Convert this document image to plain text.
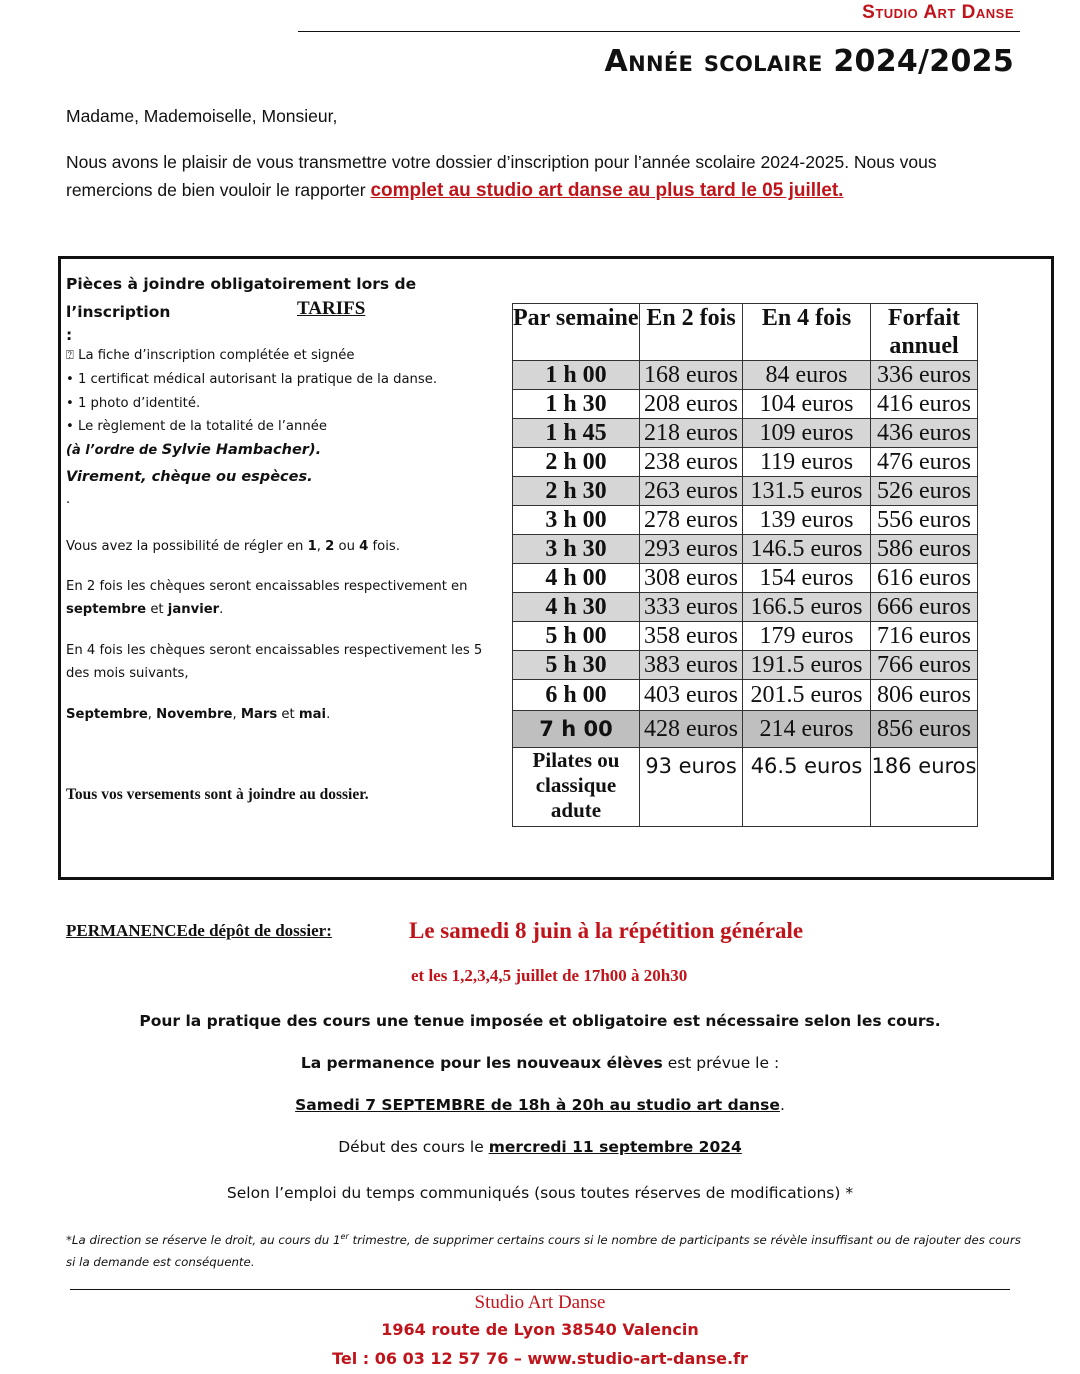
Studio Art Danse
Année scolaire 2024/2025
Madame, Mademoiselle, Monsieur,
Nous avons le plaisir de vous transmettre votre dossier d’inscription pour l’année scolaire 2024-2025. Nous vous remercions de bien vouloir le rapporter complet au studio art danse au plus tard le 05 juillet.
Pièces à joindre obligatoirement lors de l’inscription
:
TARIFS
⍰ La fiche d’inscription complétée et signée
• 1 certificat médical autorisant la pratique de la danse.
• 1 photo d’identité.
• Le règlement de la totalité de l’année
(à l’ordre de Sylvie Hambacher).
Virement, chèque ou espèces.
.
Vous avez la possibilité de régler en 1, 2 ou 4 fois.
En 2 fois les chèques seront encaissables respectivement en septembre et janvier.
En 4 fois les chèques seront encaissables respectivement les 5 des mois suivants,
Septembre, Novembre, Mars et mai.
Tous vos versements sont à joindre au dossier.
Par semaine	En 2 fois	En 4 fois	Forfait annuel
1 h 00	168 euros	84 euros	336 euros
1 h 30	208 euros	104 euros	416 euros
1 h 45	218 euros	109 euros	436 euros
2 h 00	238 euros	119 euros	476 euros
2 h 30	263 euros	131.5 euros	526 euros
3 h 00	278 euros	139 euros	556 euros
3 h 30	293 euros	146.5 euros	586 euros
4 h 00	308 euros	154 euros	616 euros
4 h 30	333 euros	166.5 euros	666 euros
5 h 00	358 euros	179 euros	716 euros
5 h 30	383 euros	191.5 euros	766 euros
6 h 00	403 euros	201.5 euros	806 euros
7 h 00	428 euros	214 euros	856 euros
Pilates ou classique adute	93 euros	46.5 euros	186 euros
PERMANENCEde dépôt de dossier:	Le samedi 8 juin à la répétition générale
et les 1,2,3,4,5 juillet de 17h00 à 20h30
Pour la pratique des cours une tenue imposée et obligatoire est nécessaire selon les cours.
La permanence pour les nouveaux élèves est prévue le :
Samedi 7 SEPTEMBRE de 18h à 20h au studio art danse.
Début des cours le mercredi 11 septembre 2024
Selon l’emploi du temps communiqués (sous toutes réserves de modifications) *
*La direction se réserve le droit, au cours du 1er trimestre, de supprimer certains cours si le nombre de participants se révèle insuffisant ou de rajouter des cours si la demande est conséquente.
Studio Art Danse
1964 route de Lyon 38540 Valencin
Tel : 06 03 12 57 76 – www.studio-art-danse.fr
